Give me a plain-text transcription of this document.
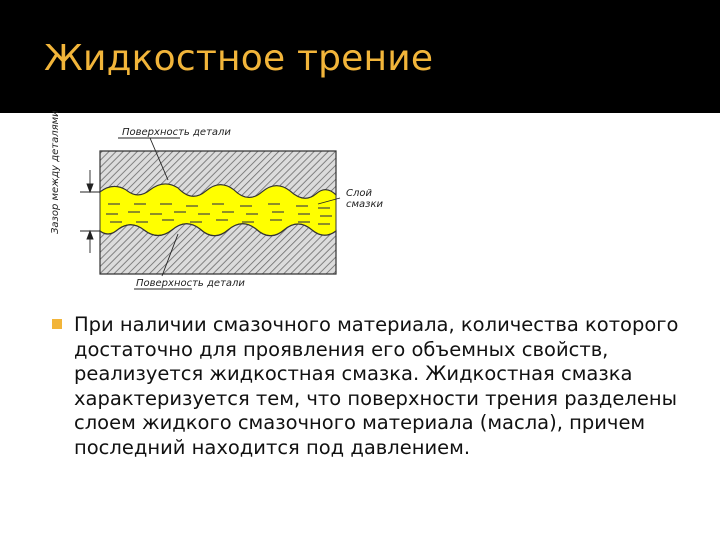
Жидкостное трение
Поверхность детали
Поверхность детали
Слой смазки
Зазор между деталями

При наличии смазочного материала, количества которого достаточно для проявления его объемных свойств, реализуется жидкостная смазка. Жидкостная смазка характеризуется тем, что поверхности трения разделены слоем жидкого смазочного материала (масла), причем последний находится под давлением.
